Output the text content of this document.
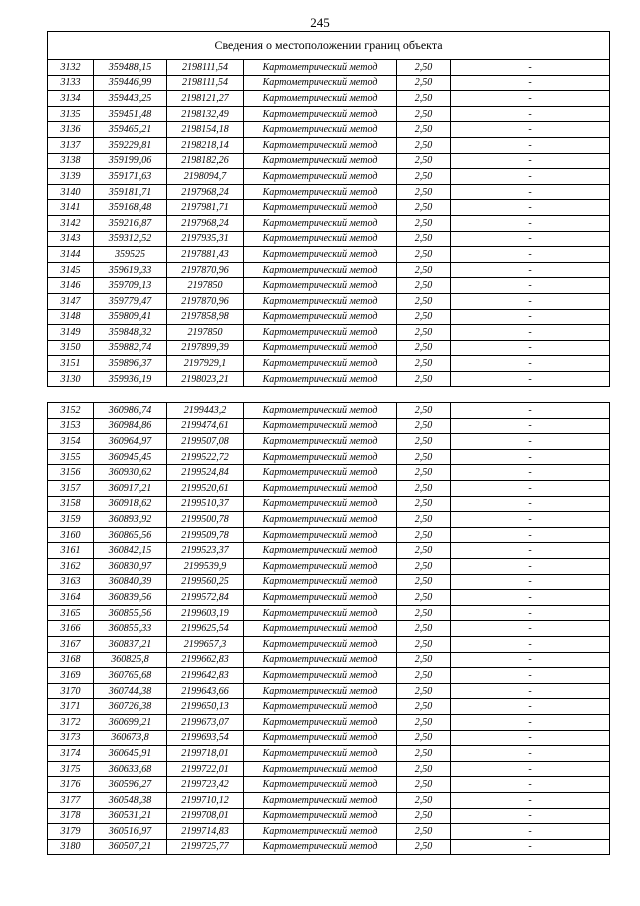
245
Сведения о местоположении границ объекта					
3132	359488,15	2198111,54	Картометрический метод	2,50	-
3133	359446,99	2198111,54	Картометрический метод	2,50	-
3134	359443,25	2198121,27	Картометрический метод	2,50	-
3135	359451,48	2198132,49	Картометрический метод	2,50	-
3136	359465,21	2198154,18	Картометрический метод	2,50	-
3137	359229,81	2198218,14	Картометрический метод	2,50	-
3138	359199,06	2198182,26	Картометрический метод	2,50	-
3139	359171,63	2198094,7	Картометрический метод	2,50	-
3140	359181,71	2197968,24	Картометрический метод	2,50	-
3141	359168,48	2197981,71	Картометрический метод	2,50	-
3142	359216,87	2197968,24	Картометрический метод	2,50	-
3143	359312,52	2197935,31	Картометрический метод	2,50	-
3144	359525	2197881,43	Картометрический метод	2,50	-
3145	359619,33	2197870,96	Картометрический метод	2,50	-
3146	359709,13	2197850	Картометрический метод	2,50	-
3147	359779,47	2197870,96	Картометрический метод	2,50	-
3148	359809,41	2197858,98	Картометрический метод	2,50	-
3149	359848,32	2197850	Картометрический метод	2,50	-
3150	359882,74	2197899,39	Картометрический метод	2,50	-
3151	359896,37	2197929,1	Картометрический метод	2,50	-
3130	359936,19	2198023,21	Картометрический метод	2,50	-

3152	360986,74	2199443,2	Картометрический метод	2,50	-
3153	360984,86	2199474,61	Картометрический метод	2,50	-
3154	360964,97	2199507,08	Картометрический метод	2,50	-
3155	360945,45	2199522,72	Картометрический метод	2,50	-
3156	360930,62	2199524,84	Картометрический метод	2,50	-
3157	360917,21	2199520,61	Картометрический метод	2,50	-
3158	360918,62	2199510,37	Картометрический метод	2,50	-
3159	360893,92	2199500,78	Картометрический метод	2,50	-
3160	360865,56	2199509,78	Картометрический метод	2,50	-
3161	360842,15	2199523,37	Картометрический метод	2,50	-
3162	360830,97	2199539,9	Картометрический метод	2,50	-
3163	360840,39	2199560,25	Картометрический метод	2,50	-
3164	360839,56	2199572,84	Картометрический метод	2,50	-
3165	360855,56	2199603,19	Картометрический метод	2,50	-
3166	360855,33	2199625,54	Картометрический метод	2,50	-
3167	360837,21	2199657,3	Картометрический метод	2,50	-
3168	360825,8	2199662,83	Картометрический метод	2,50	-
3169	360765,68	2199642,83	Картометрический метод	2,50	-
3170	360744,38	2199643,66	Картометрический метод	2,50	-
3171	360726,38	2199650,13	Картометрический метод	2,50	-
3172	360699,21	2199673,07	Картометрический метод	2,50	-
3173	360673,8	2199693,54	Картометрический метод	2,50	-
3174	360645,91	2199718,01	Картометрический метод	2,50	-
3175	360633,68	2199722,01	Картометрический метод	2,50	-
3176	360596,27	2199723,42	Картометрический метод	2,50	-
3177	360548,38	2199710,12	Картометрический метод	2,50	-
3178	360531,21	2199708,01	Картометрический метод	2,50	-
3179	360516,97	2199714,83	Картометрический метод	2,50	-
3180	360507,21	2199725,77	Картометрический метод	2,50	-
